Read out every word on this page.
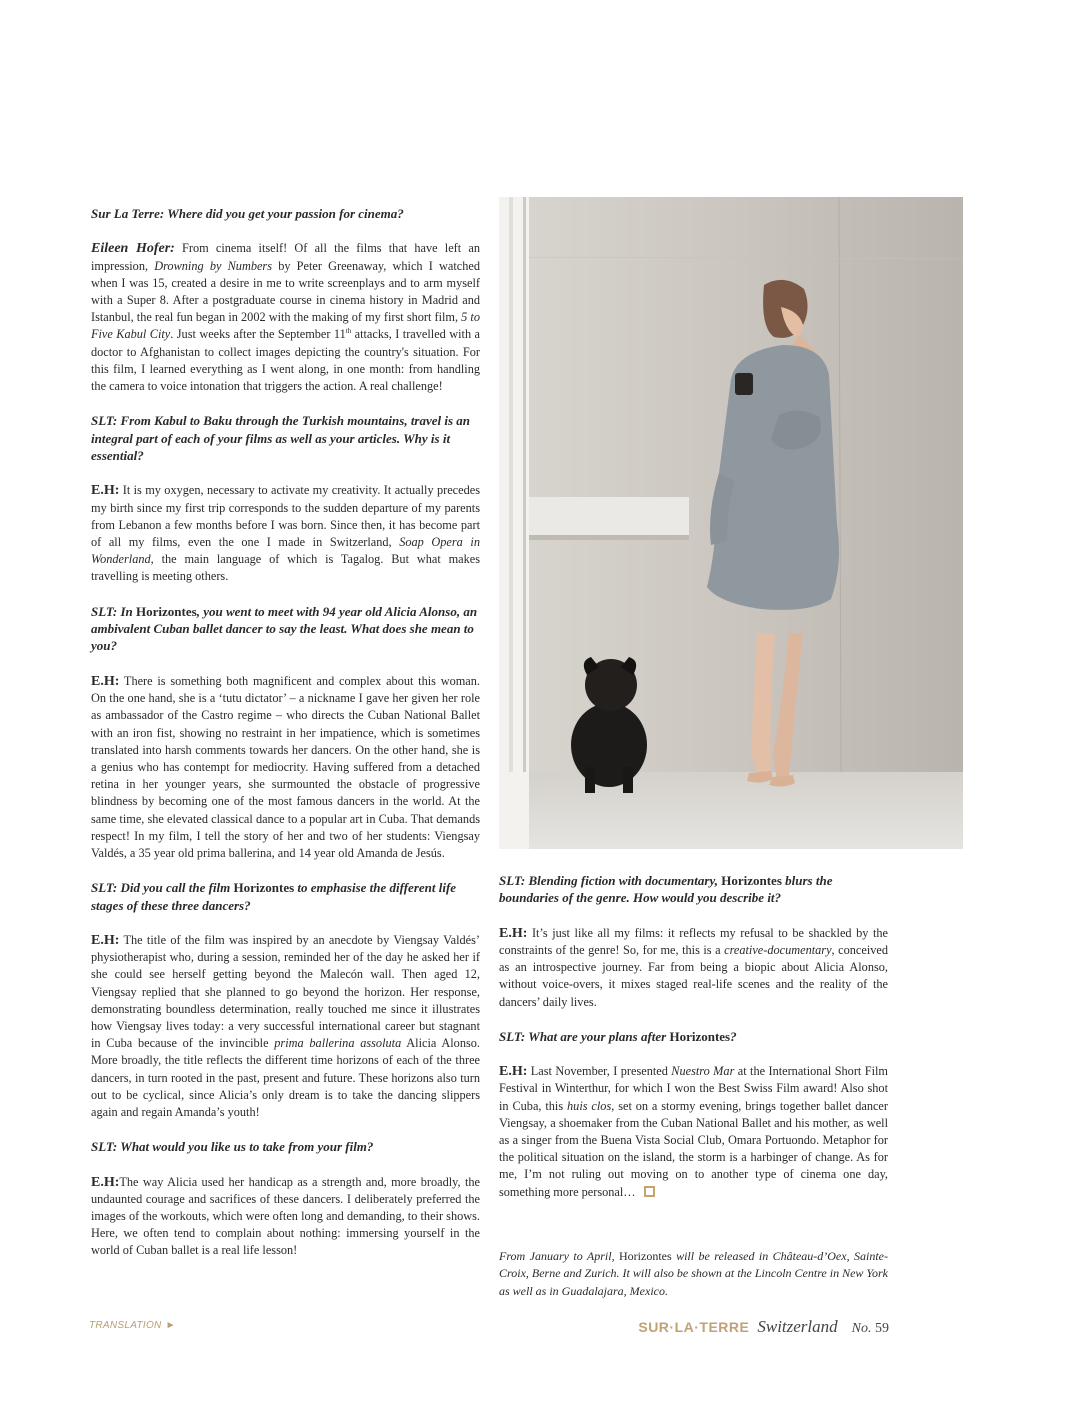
Sur La Terre: Where did you get your passion for cinema?

Eileen Hofer: From cinema itself! Of all the films that have left an impression, Drowning by Numbers by Peter Greenaway, which I watched when I was 15, created a desire in me to write screenplays and to arm myself with a Super 8. After a postgraduate course in cinema history in Madrid and Istanbul, the real fun began in 2002 with the making of my first short film, 5 to Five Kabul City. Just weeks after the September 11th attacks, I travelled with a doctor to Afghanistan to collect images depicting the country's situation. For this film, I learned everything as I went along, in one month: from handling the camera to voice intonation that triggers the action. A real challenge!

SLT: From Kabul to Baku through the Turkish mountains, travel is an integral part of each of your films as well as your articles. Why is it essential?

E.H: It is my oxygen, necessary to activate my creativity. It actually precedes my birth since my first trip corresponds to the sudden departure of my parents from Lebanon a few months before I was born. Since then, it has become part of all my films, even the one I made in Switzerland, Soap Opera in Wonderland, the main language of which is Tagalog. But what makes travelling is meeting others.

SLT: In Horizontes, you went to meet with 94 year old Alicia Alonso, an ambivalent Cuban ballet dancer to say the least. What does she mean to you?

E.H: There is something both magnificent and complex about this woman. On the one hand, she is a ‘tutu dictator’ – a nickname I gave her given her role as ambassador of the Castro regime – who directs the Cuban National Ballet with an iron fist, showing no restraint in her impatience, which is sometimes translated into harsh comments towards her dancers. On the other hand, she is a genius who has contempt for mediocrity. Having suffered from a detached retina in her younger years, she surmounted the obstacle of progressive blindness by becoming one of the most famous dancers in the world. At the same time, she elevated classical dance to a popular art in Cuba. That demands respect! In my film, I tell the story of her and two of her students: Viengsay Valdés, a 35 year old prima ballerina, and 14 year old Amanda de Jesús.

SLT: Did you call the film Horizontes to emphasise the different life stages of these three dancers?

E.H: The title of the film was inspired by an anecdote by Viengsay Valdés’ physiotherapist who, during a session, reminded her of the day he asked her if she could see herself getting beyond the Malecón wall. Then aged 12, Viengsay replied that she planned to go beyond the horizon. Her response, demonstrating boundless determination, really touched me since it illustrates how Viengsay lives today: a very successful international career but stagnant in Cuba because of the invincible prima ballerina assoluta Alicia Alonso. More broadly, the title reflects the different time horizons of each of the three dancers, in turn rooted in the past, present and future. These horizons also turn out to be cyclical, since Alicia’s only dream is to take the dancing slippers again and regain Amanda’s youth!

SLT: What would you like us to take from your film?

E.H:The way Alicia used her handicap as a strength and, more broadly, the undaunted courage and sacrifices of these dancers. I deliberately preferred the images of the workouts, which were often long and demanding, to their shows. Here, we often tend to complain about nothing: immersing yourself in the world of Cuban ballet is a real life lesson!

SLT: Blending fiction with documentary, Horizontes blurs the boundaries of the genre. How would you describe it?

E.H: It’s just like all my films: it reflects my refusal to be shackled by the constraints of the genre! So, for me, this is a creative-documentary, conceived as an introspective journey. Far from being a biopic about Alicia Alonso, without voice-overs, it mixes staged real-life scenes and the reality of the dancers’ daily lives.

SLT: What are your plans after Horizontes?

E.H: Last November, I presented Nuestro Mar at the International Short Film Festival in Winterthur, for which I won the Best Swiss Film award! Also shot in Cuba, this huis clos, set on a stormy evening, brings together ballet dancer Viengsay, a shoemaker from the Cuban National Ballet and his mother, as well as a singer from the Buena Vista Social Club, Omara Portuondo. Metaphor for the political situation on the island, the storm is a harbinger of change. As for me, I’m not ruling out moving on to another type of cinema one day, something more personal…

From January to April, Horizontes will be released in Château-d’Oex, Sainte-Croix, Berne and Zurich. It will also be shown at the Lincoln Centre in New York as well as in Guadalajara, Mexico.

TRANSLATION ►	SUR·LA·TERRE Switzerland No. 59
